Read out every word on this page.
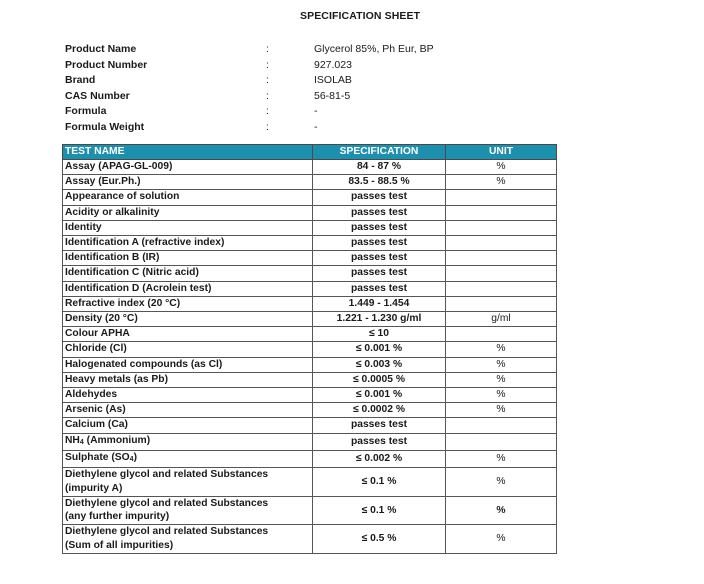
SPECIFICATION SHEET
Product Name	:	Glycerol 85%, Ph Eur, BP
Product Number	:	927.023
Brand	:	ISOLAB
CAS Number	:	56-81-5
Formula	:	-
Formula Weight	:	-
TEST NAME	SPECIFICATION	UNIT
Assay (APAG-GL-009)	84 - 87 %	%
Assay (Eur.Ph.)	83.5 - 88.5 %	%
Appearance of solution	passes test	
Acidity or alkalinity	passes test	
Identity	passes test	
Identification A (refractive index)	passes test	
Identification B (IR)	passes test	
Identification C (Nitric acid)	passes test	
Identification D (Acrolein test)	passes test	
Refractive index (20 °C)	1.449 - 1.454	
Density (20 °C)	1.221 - 1.230 g/ml	g/ml
Colour APHA	≤ 10	
Chloride (Cl)	≤ 0.001 %	%
Halogenated compounds (as Cl)	≤ 0.003 %	%
Heavy metals (as Pb)	≤ 0.0005 %	%
Aldehydes	≤ 0.001 %	%
Arsenic (As)	≤ 0.0002 %	%
Calcium (Ca)	passes test	
$NH_4$ (Ammonium)	passes test	
Sulphate $(SO_4)$	≤ 0.002 %	%

Diethylene glycol and related Substances
(impurity A)	≤ 0.1 %	%

Diethylene glycol and related Substances
(any further impurity)	≤ 0.1 %	%

Diethylene glycol and related Substances
(Sum of all impurities)	≤ 0.5 %	%
